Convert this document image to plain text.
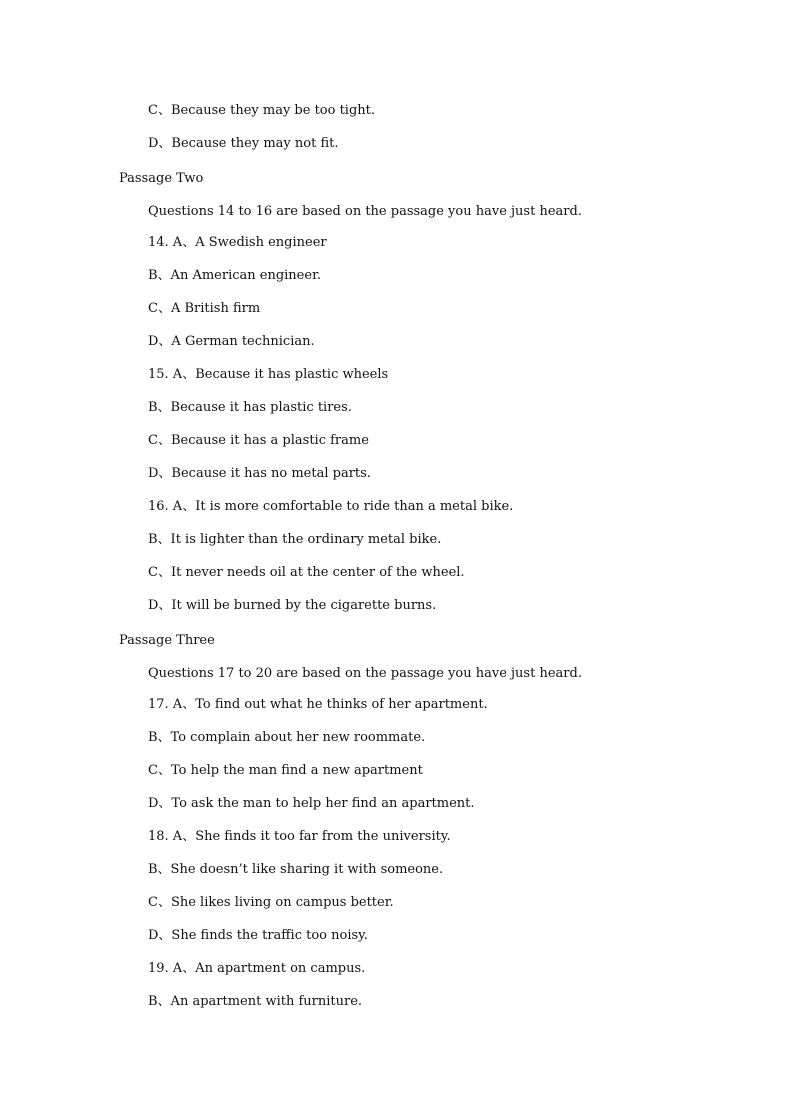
C、Because they may be too tight.
D、Because they may not fit.
Passage Two
Questions 14 to 16 are based on the passage you have just heard.
14. A、A Swedish engineer
B、An American engineer.
C、A British firm
D、A German technician.
15. A、Because it has plastic wheels
B、Because it has plastic tires.
C、Because it has a plastic frame
D、Because it has no metal parts.
16. A、It is more comfortable to ride than a metal bike.
B、It is lighter than the ordinary metal bike.
C、It never needs oil at the center of the wheel.
D、It will be burned by the cigarette burns.
Passage Three
Questions 17 to 20 are based on the passage you have just heard.
17. A、To find out what he thinks of her apartment.
B、To complain about her new roommate.
C、To help the man find a new apartment
D、To ask the man to help her find an apartment.
18. A、She finds it too far from the university.
B、She doesn’t like sharing it with someone.
C、She likes living on campus better.
D、She finds the traffic too noisy.
19. A、An apartment on campus.
B、An apartment with furniture.
